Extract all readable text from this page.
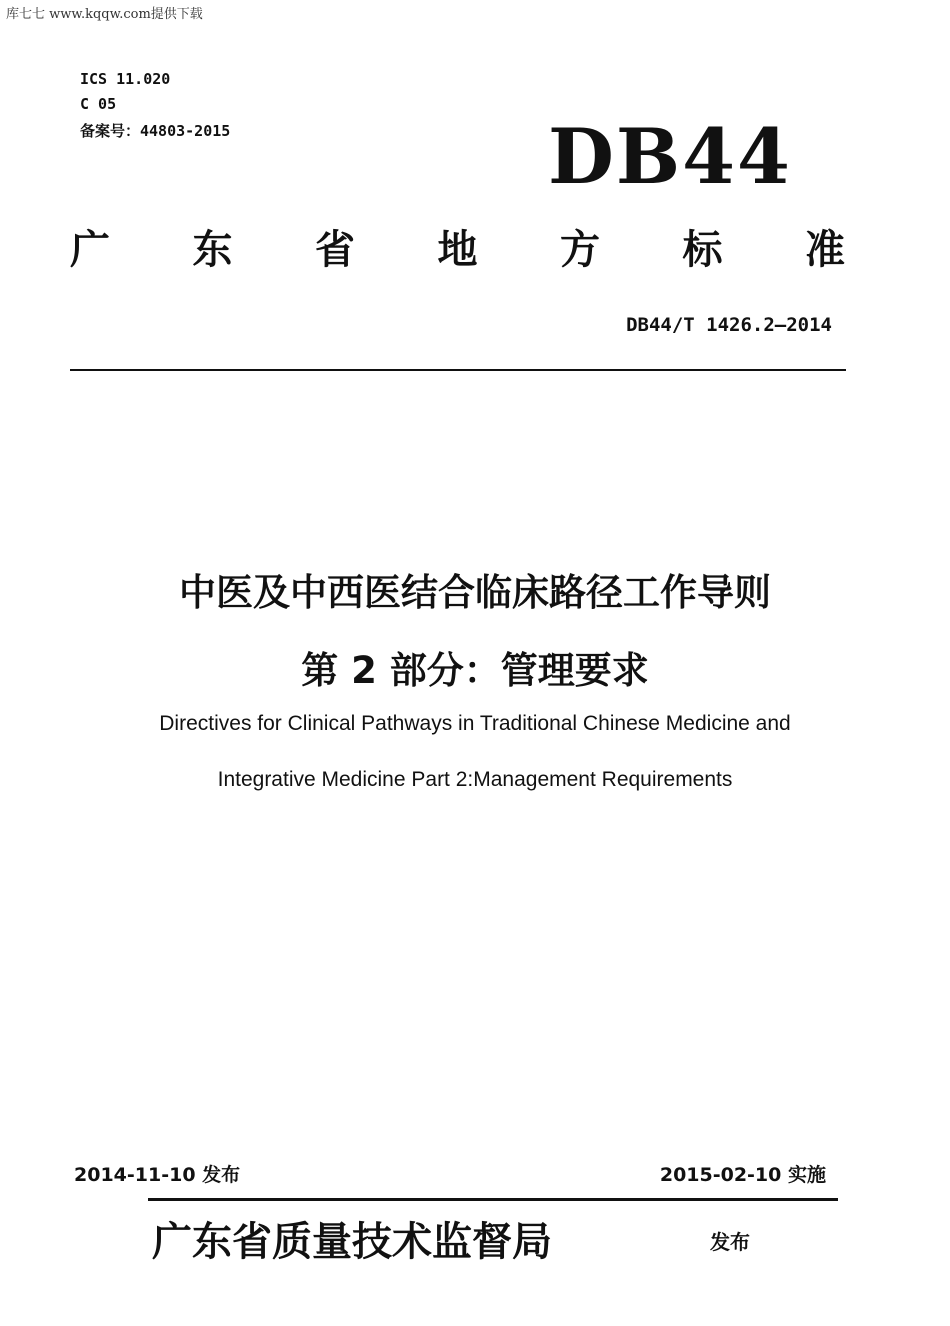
库七七 www.kqqw.com提供下载
ICS 11.020
C 05
备案号：44803-2015	DB44
广 东 省 地 方 标 准
DB44/T 1426.2—2014
中医及中西医结合临床路径工作导则
第 2 部分：管理要求
Directives for Clinical Pathways in Traditional Chinese Medicine and
Integrative Medicine Part 2:Management Requirements
2014-11-10 发布	2015-02-10 实施
广东省质量技术监督局	发布
